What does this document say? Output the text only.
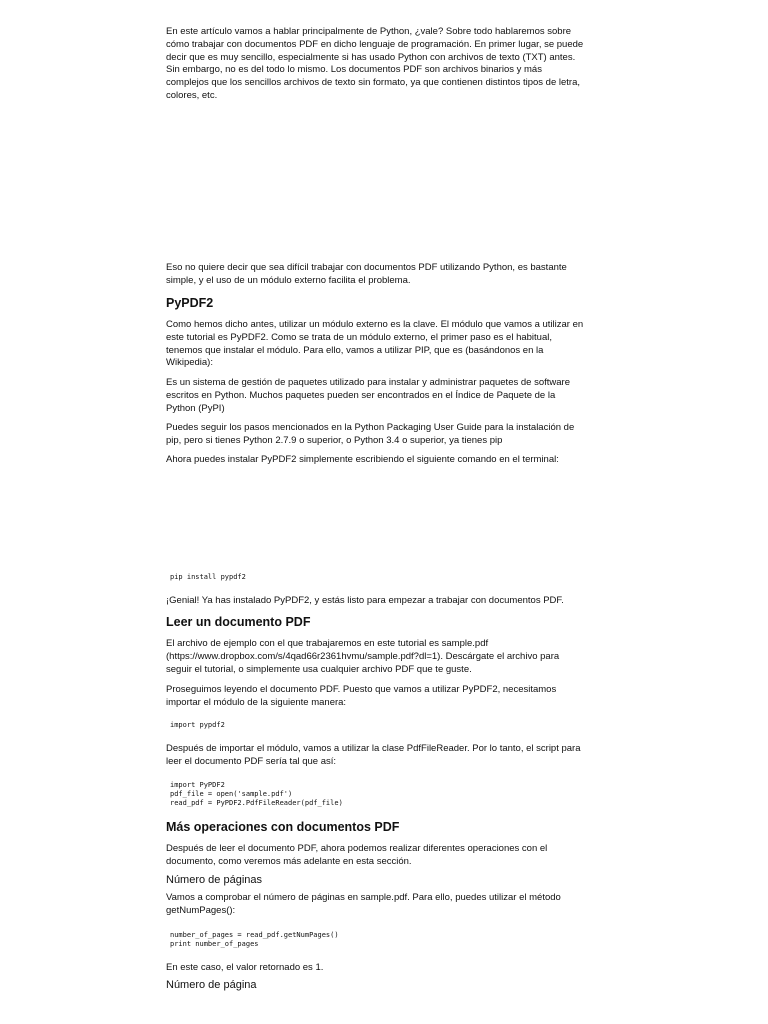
En este artículo vamos a hablar principalmente de Python, ¿vale? Sobre todo hablaremos sobre cómo trabajar con documentos PDF en dicho lenguaje de programación. En primer lugar, se puede decir que es muy sencillo, especialmente si has usado Python con archivos de texto (TXT) antes. Sin embargo, no es del todo lo mismo. Los documentos PDF son archivos binarios y más complejos que los sencillos archivos de texto sin formato, ya que contienen distintos tipos de letra, colores, etc.

Eso no quiere decir que sea difícil trabajar con documentos PDF utilizando Python, es bastante simple, y el uso de un módulo externo facilita el problema.

PyPDF2

Como hemos dicho antes, utilizar un módulo externo es la clave. El módulo que vamos a utilizar en este tutorial es PyPDF2. Como se trata de un módulo externo, el primer paso es el habitual, tenemos que instalar el módulo. Para ello, vamos a utilizar PIP, que es (basándonos en la Wikipedia):

Es un sistema de gestión de paquetes utilizado para instalar y administrar paquetes de software escritos en Python. Muchos paquetes pueden ser encontrados en el Índice de Paquete de la Python (PyPI)

Puedes seguir los pasos mencionados en la Python Packaging User Guide para la instalación de pip, pero si tienes Python 2.7.9 o superior, o Python 3.4 o superior, ya tienes pip

Ahora puedes instalar PyPDF2 simplemente escribiendo el siguiente comando en el terminal:

pip install pypdf2

¡Genial! Ya has instalado PyPDF2, y estás listo para empezar a trabajar con documentos PDF.

Leer un documento PDF

El archivo de ejemplo con el que trabajaremos en este tutorial es sample.pdf (https://www.dropbox.com/s/4qad66r2361hvmu/sample.pdf?dl=1). Descárgate el archivo para seguir el tutorial, o simplemente usa cualquier archivo PDF que te guste.

Proseguimos leyendo el documento PDF. Puesto que vamos a utilizar PyPDF2, necesitamos importar el módulo de la siguiente manera:

import pypdf2

Después de importar el módulo, vamos a utilizar la clase PdfFileReader. Por lo tanto, el script para leer el documento PDF sería tal que así:

import PyPDF2
pdf_file = open('sample.pdf')
read_pdf = PyPDF2.PdfFileReader(pdf_file)
Más operaciones con documentos PDF

Después de leer el documento PDF, ahora podemos realizar diferentes operaciones con el documento, como veremos más adelante en esta sección.

Número de páginas

Vamos a comprobar el número de páginas en sample.pdf. Para ello, puedes utilizar el método getNumPages():

number_of_pages = read_pdf.getNumPages()
print number_of_pages

En este caso, el valor retornado es 1.

Número de página
